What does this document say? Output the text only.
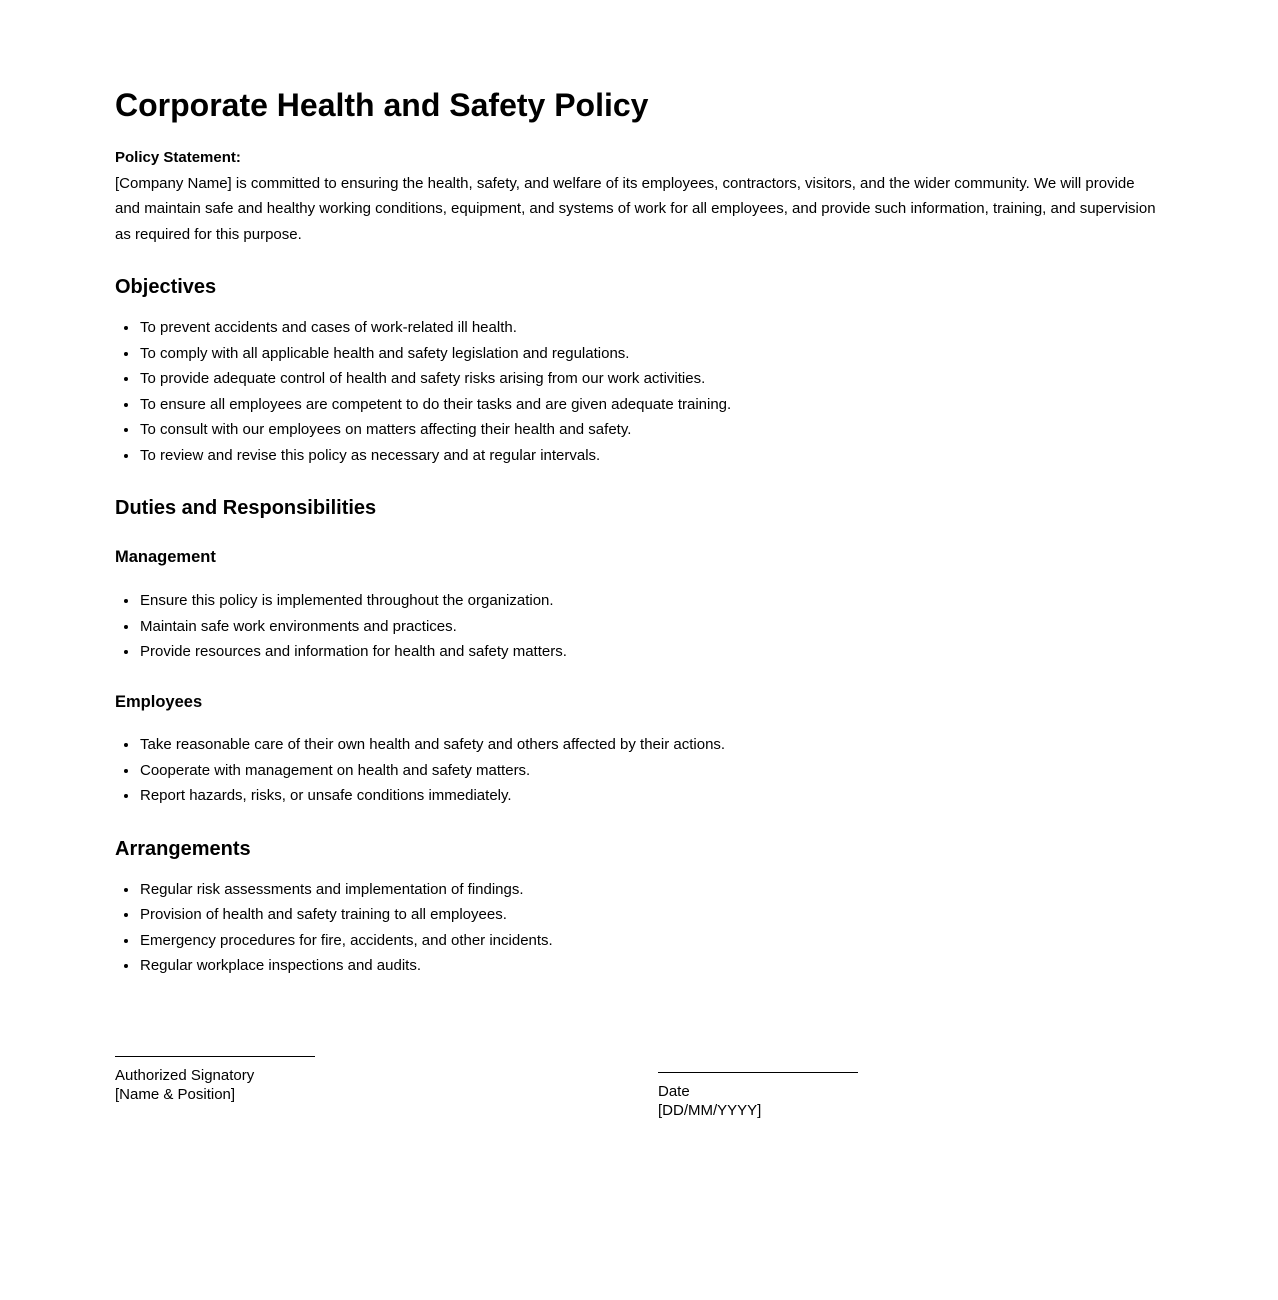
Corporate Health and Safety Policy

Policy Statement:

[Company Name] is committed to ensuring the health, safety, and welfare of its employees, contractors, visitors, and the wider community. We will provide and maintain safe and healthy working conditions, equipment, and systems of work for all employees, and provide such information, training, and supervision as required for this purpose.

Objectives
• To prevent accidents and cases of work-related ill health.
• To comply with all applicable health and safety legislation and regulations.
• To provide adequate control of health and safety risks arising from our work activities.
• To ensure all employees are competent to do their tasks and are given adequate training.
• To consult with our employees on matters affecting their health and safety.
• To review and revise this policy as necessary and at regular intervals.
Duties and Responsibilities
Management
• Ensure this policy is implemented throughout the organization.
• Maintain safe work environments and practices.
• Provide resources and information for health and safety matters.
Employees
• Take reasonable care of their own health and safety and others affected by their actions.
• Cooperate with management on health and safety matters.
• Report hazards, risks, or unsafe conditions immediately.
Arrangements
• Regular risk assessments and implementation of findings.
• Provision of health and safety training to all employees.
• Emergency procedures for fire, accidents, and other incidents.
• Regular workplace inspections and audits.
Authorized Signatory
[Name & Position]	Date
[DD/MM/YYYY]
